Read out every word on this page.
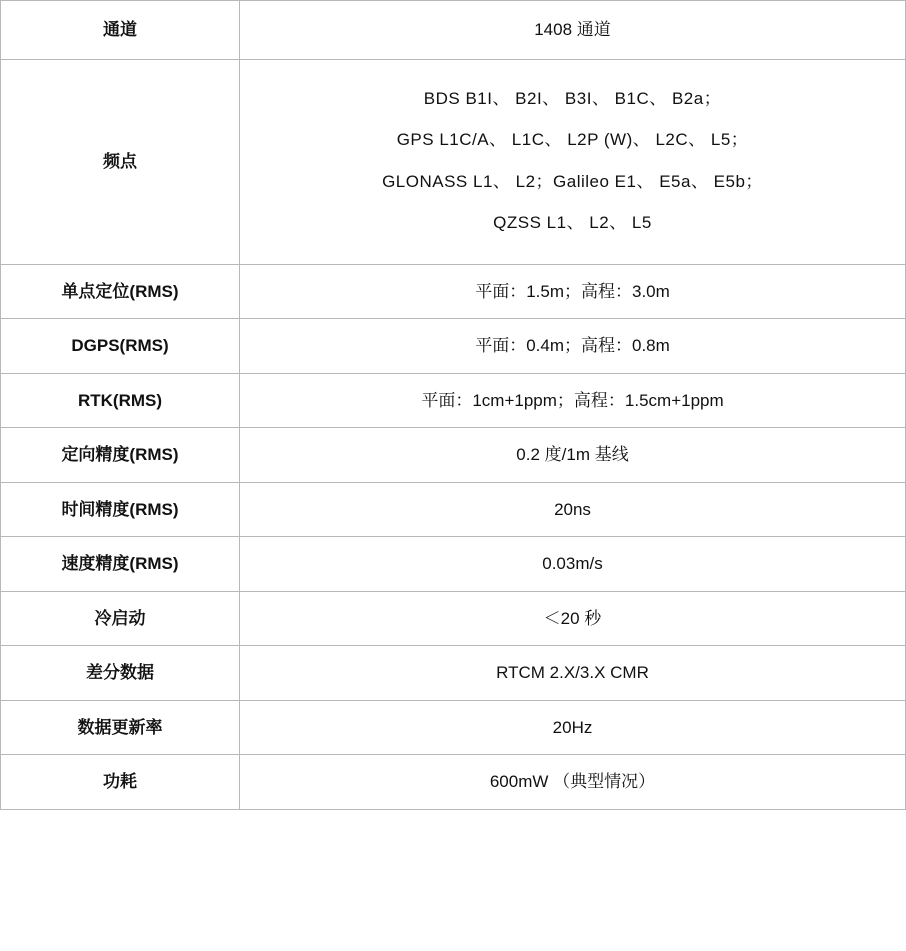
通道	1408 通道

频点	BDS B1I、 B2I、 B3I、 B1C、 B2a；
GPS L1C/A、 L1C、 L2P (W)、 L2C、 L5；
GLONASS L1、 L2；Galileo E1、 E5a、 E5b；
QZSS L1、 L2、 L5

单点定位(RMS)	平面：1.5m；高程：3.0m

DGPS(RMS)	平面：0.4m；高程：0.8m

RTK(RMS)	平面：1cm+1ppm；高程：1.5cm+1ppm

定向精度(RMS)	0.2 度/1m 基线

时间精度(RMS)	20ns

速度精度(RMS)	0.03m/s

冷启动	＜20 秒

差分数据	RTCM 2.X/3.X CMR

数据更新率	20Hz

功耗	600mW （典型情况）
